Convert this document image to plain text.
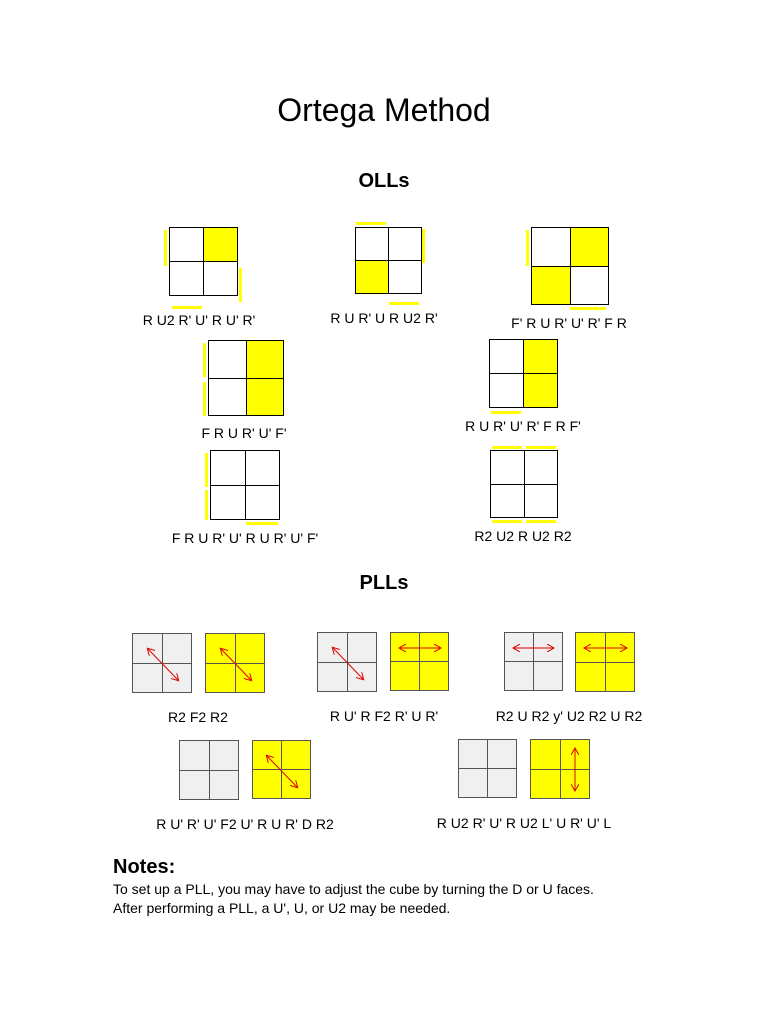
Ortega Method
OLLs
R U2 R' U' R U' R'	R U R' U R U2 R'	F' R U R' U' R' F R
F R U R' U' F'	R U R' U' R' F R F'
F R U R' U' R U R' U' F'	R2 U2 R U2 R2
PLLs
R2 F2 R2	R U' R F2 R' U R'	R2 U R2 y' U2 R2 U R2
R U' R' U' F2 U' R U R' D R2	R U2 R' U' R U2 L' U R' U' L
Notes:
To set up a PLL, you may have to adjust the cube by turning the D or U faces.
After performing a PLL, a U', U, or U2 may be needed.
